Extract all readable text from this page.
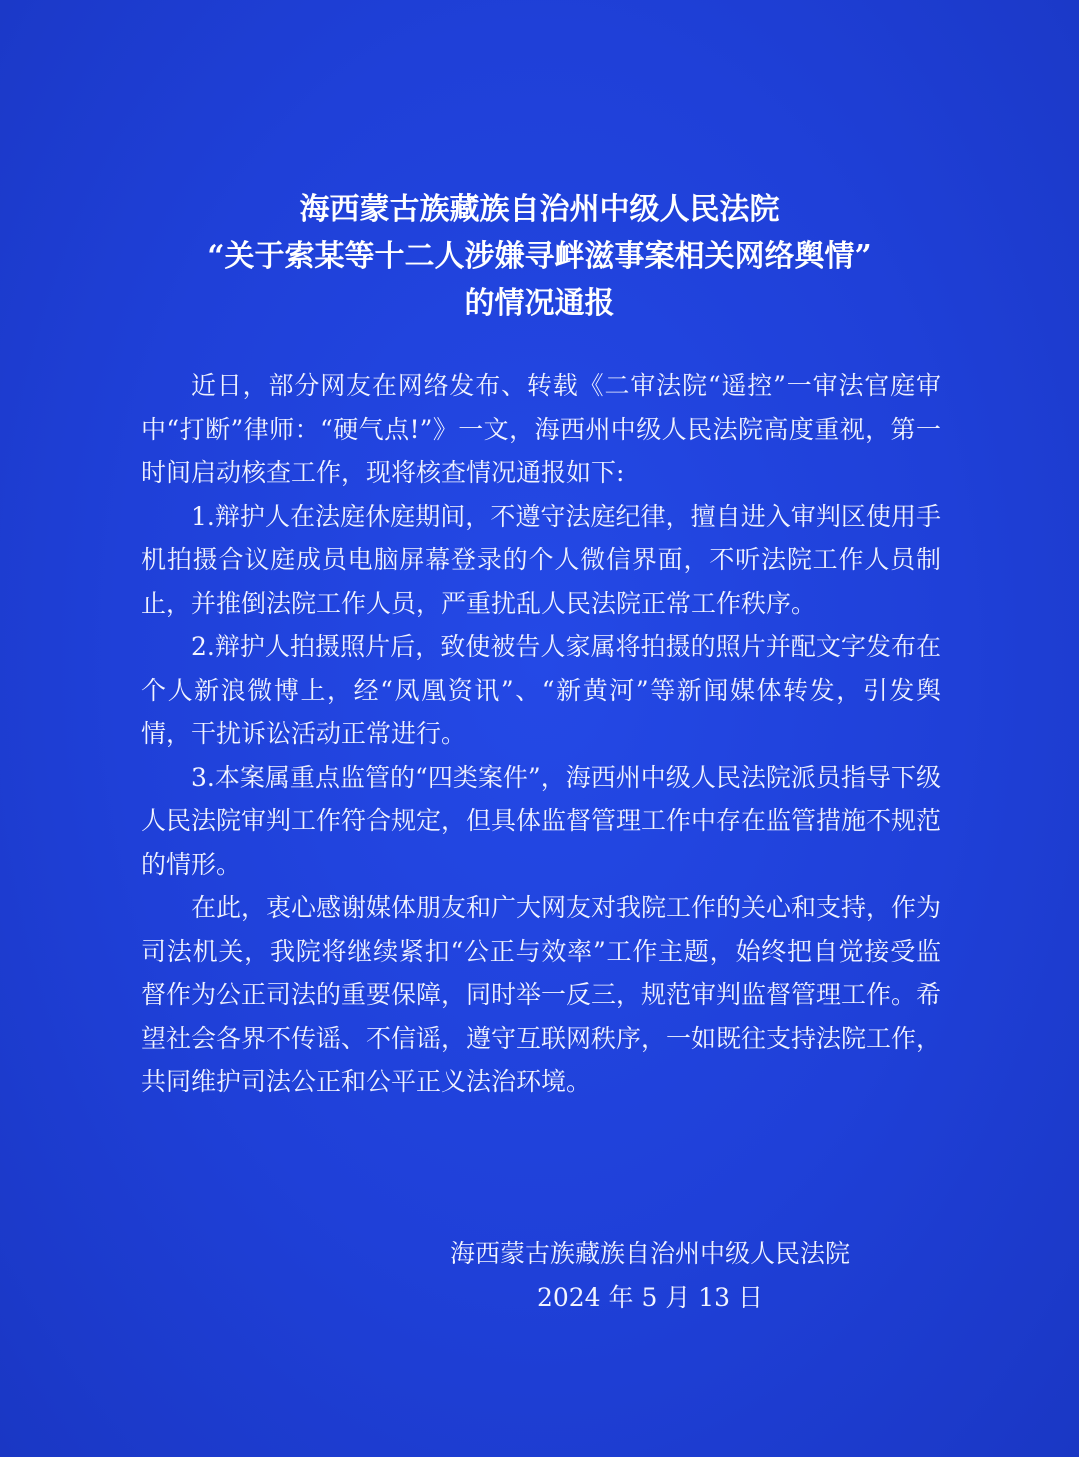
海西蒙古族藏族自治州中级人民法院
“关于索某等十二人涉嫌寻衅滋事案相关网络舆情”
的情况通报

近日，部分网友在网络发布、转载《二审法院“遥控”一审法官庭审中“打断”律师：“硬气点!”》一文，海西州中级人民法院高度重视，第一时间启动核查工作，现将核查情况通报如下:

1.辩护人在法庭休庭期间，不遵守法庭纪律，擅自进入审判区使用手机拍摄合议庭成员电脑屏幕登录的个人微信界面，不听法院工作人员制止，并推倒法院工作人员，严重扰乱人民法院正常工作秩序。

2.辩护人拍摄照片后，致使被告人家属将拍摄的照片并配文字发布在个人新浪微博上，经“凤凰资讯”、“新黄河”等新闻媒体转发，引发舆情，干扰诉讼活动正常进行。

3.本案属重点监管的“四类案件”，海西州中级人民法院派员指导下级人民法院审判工作符合规定，但具体监督管理工作中存在监管措施不规范的情形。

在此，衷心感谢媒体朋友和广大网友对我院工作的关心和支持，作为司法机关，我院将继续紧扣“公正与效率”工作主题，始终把自觉接受监督作为公正司法的重要保障，同时举一反三，规范审判监督管理工作。希望社会各界不传谣、不信谣，遵守互联网秩序，一如既往支持法院工作，共同维护司法公正和公平正义法治环境。

海西蒙古族藏族自治州中级人民法院
2024 年 5 月 13 日
